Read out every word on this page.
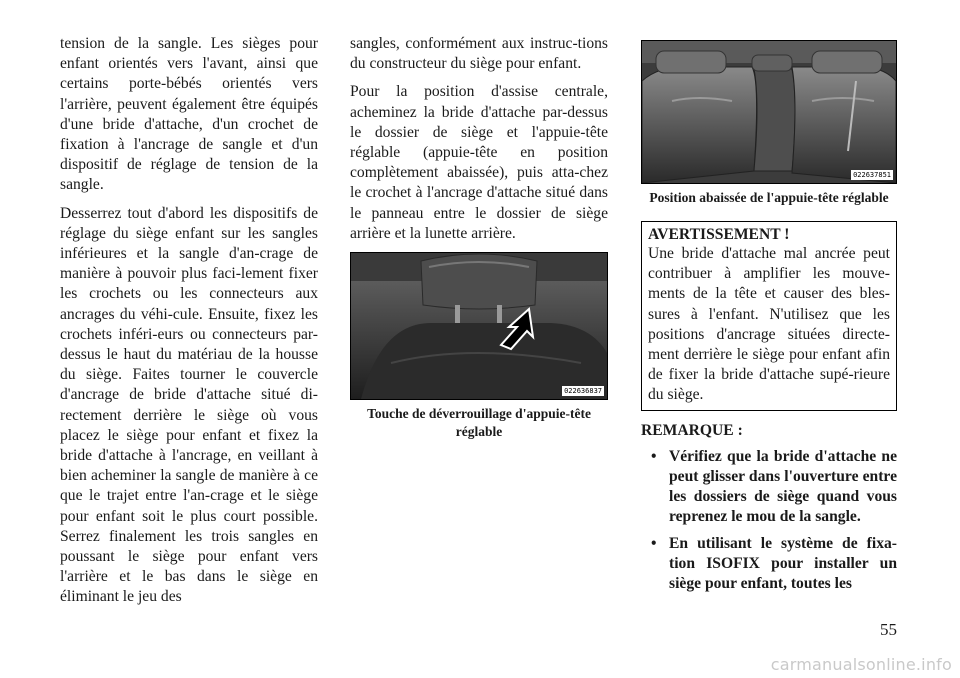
tension de la sangle. Les sièges pour enfant orientés vers l'avant, ainsi que certains porte-bébés orientés vers l'arrière, peuvent également être équipés d'une bride d'attache, d'un crochet de fixation à l'ancrage de sangle et d'un dispositif de réglage de tension de la sangle.

Desserrez tout d'abord les dispositifs de réglage du siège enfant sur les sangles inférieures et la sangle d'an-crage de manière à pouvoir plus faci-lement fixer les crochets ou les connecteurs aux ancrages du véhi-cule. Ensuite, fixez les crochets inféri-eurs ou connecteurs par-dessus le haut du matériau de la housse du siège. Faites tourner le couvercle d'ancrage de bride d'attache situé di-rectement derrière le siège où vous placez le siège pour enfant et fixez la bride d'attache à l'ancrage, en veillant à bien acheminer la sangle de manière à ce que le trajet entre l'an-crage et le siège pour enfant soit le plus court possible. Serrez finalement les trois sangles en poussant le siège pour enfant vers l'arrière et le bas dans le siège en éliminant le jeu des

sangles, conformément aux instruc-tions du constructeur du siège pour enfant.

Pour la position d'assise centrale, acheminez la bride d'attache par-dessus le dossier de siège et l'appuie-tête réglable (appuie-tête en position complètement abaissée), puis atta-chez le crochet à l'ancrage d'attache situé dans le panneau entre le dossier de siège arrière et la lunette arrière.

022636837
Touche de déverrouillage d'appuie-tête réglable
022637851
Position abaissée de l'appuie-tête réglable
AVERTISSEMENT !
Une bride d'attache mal ancrée peut contribuer à amplifier les mouve-ments de la tête et causer des bles-sures à l'enfant. N'utilisez que les positions d'ancrage situées directe-ment derrière le siège pour enfant afin de fixer la bride d'attache supé-rieure du siège.
REMARQUE :
• Vérifiez que la bride d'attache ne peut glisser dans l'ouverture entre les dossiers de siège quand vous reprenez le mou de la sangle.
• En utilisant le système de fixa-tion ISOFIX pour installer un siège pour enfant, toutes les
55
carmanualsonline.info
